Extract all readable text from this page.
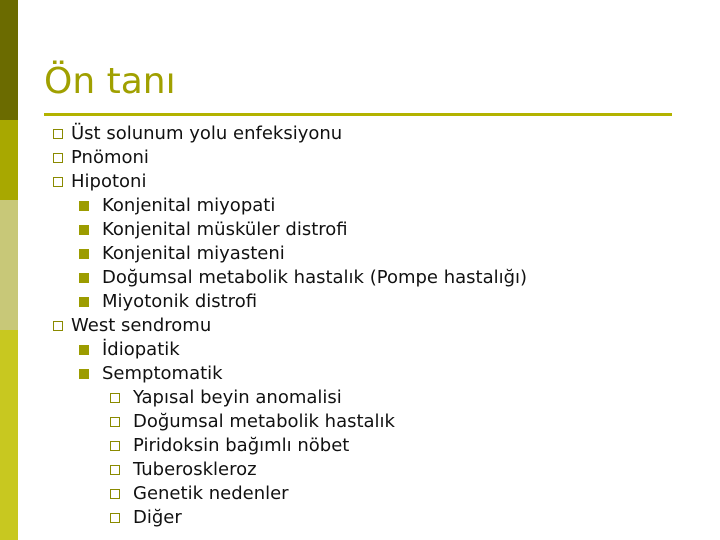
Ön tanı
Üst solunum yolu enfeksiyonu
Pnömoni
Hipotoni
Konjenital miyopati
Konjenital müsküler distrofi
Konjenital miyasteni
Doğumsal metabolik hastalık (Pompe hastalığı)
Miyotonik distrofi
West sendromu
İdiopatik
Semptomatik
Yapısal beyin anomalisi
Doğumsal metabolik hastalık
Piridoksin bağımlı nöbet
Tuberoskleroz
Genetik nedenler
Diğer
